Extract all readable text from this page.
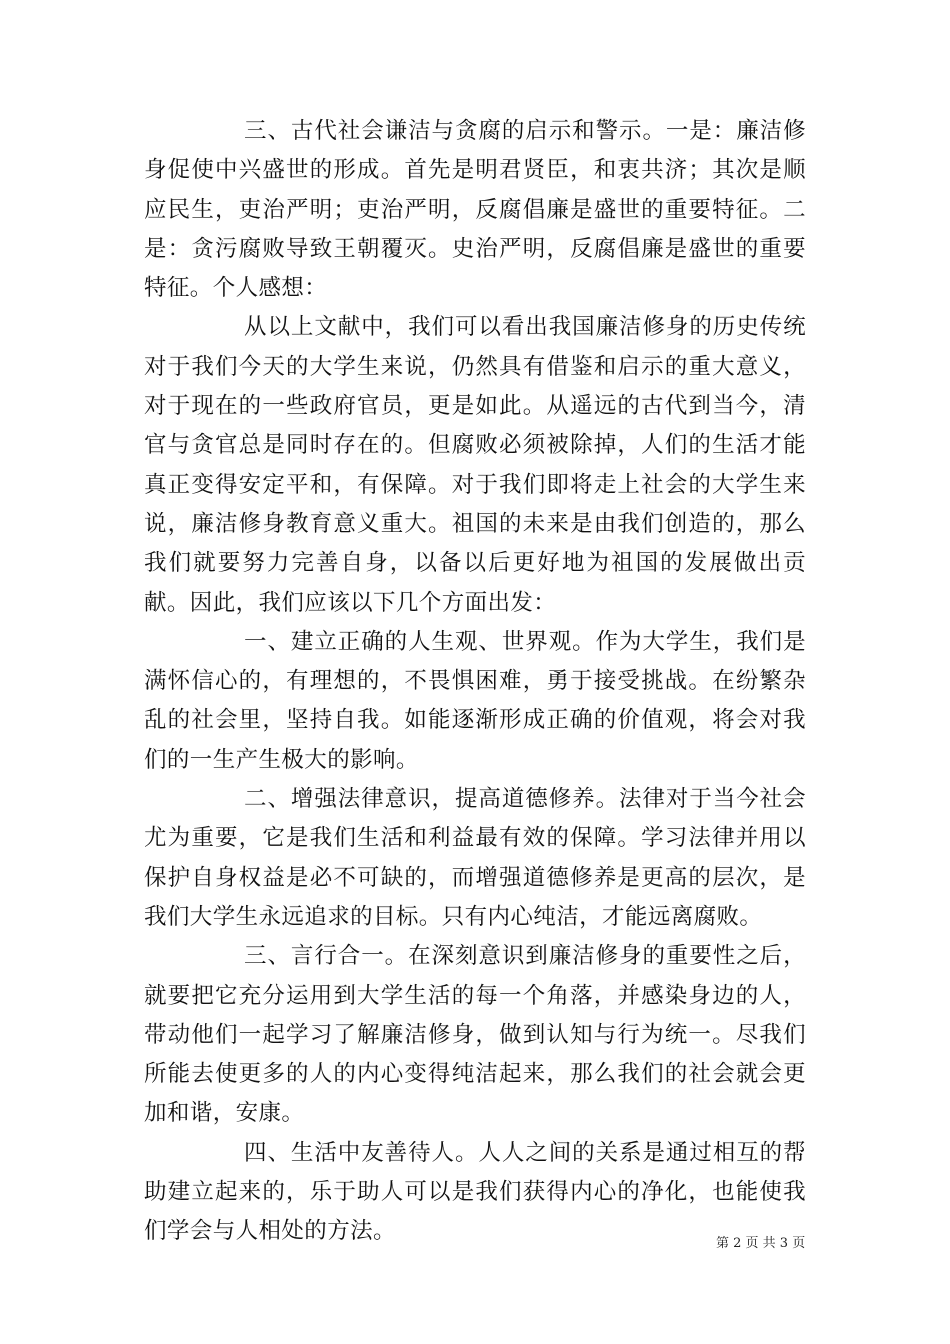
三、古代社会谦洁与贪腐的启示和警示。一是：廉洁修身促使中兴盛世的形成。首先是明君贤臣，和衷共济；其次是顺应民生，吏治严明；吏治严明，反腐倡廉是盛世的重要特征。二是：贪污腐败导致王朝覆灭。史治严明，反腐倡廉是盛世的重要特征。个人感想：

从以上文献中，我们可以看出我国廉洁修身的历史传统对于我们今天的大学生来说，仍然具有借鉴和启示的重大意义，对于现在的一些政府官员，更是如此。从遥远的古代到当今，清官与贪官总是同时存在的。但腐败必须被除掉，人们的生活才能真正变得安定平和，有保障。对于我们即将走上社会的大学生来说，廉洁修身教育意义重大。祖国的未来是由我们创造的，那么我们就要努力完善自身，以备以后更好地为祖国的发展做出贡献。因此，我们应该以下几个方面出发：

一、建立正确的人生观、世界观。作为大学生，我们是满怀信心的，有理想的，不畏惧困难，勇于接受挑战。在纷繁杂乱的社会里，坚持自我。如能逐渐形成正确的价值观，将会对我们的一生产生极大的影响。

二、增强法律意识，提高道德修养。法律对于当今社会尤为重要，它是我们生活和利益最有效的保障。学习法律并用以保护自身权益是必不可缺的，而增强道德修养是更高的层次，是我们大学生永远追求的目标。只有内心纯洁，才能远离腐败。

三、言行合一。在深刻意识到廉洁修身的重要性之后，就要把它充分运用到大学生活的每一个角落，并感染身边的人，带动他们一起学习了解廉洁修身，做到认知与行为统一。尽我们所能去使更多的人的内心变得纯洁起来，那么我们的社会就会更加和谐，安康。

四、生活中友善待人。人人之间的关系是通过相互的帮助建立起来的，乐于助人可以是我们获得内心的净化，也能使我们学会与人相处的方法。	第 2 页 共 3 页
